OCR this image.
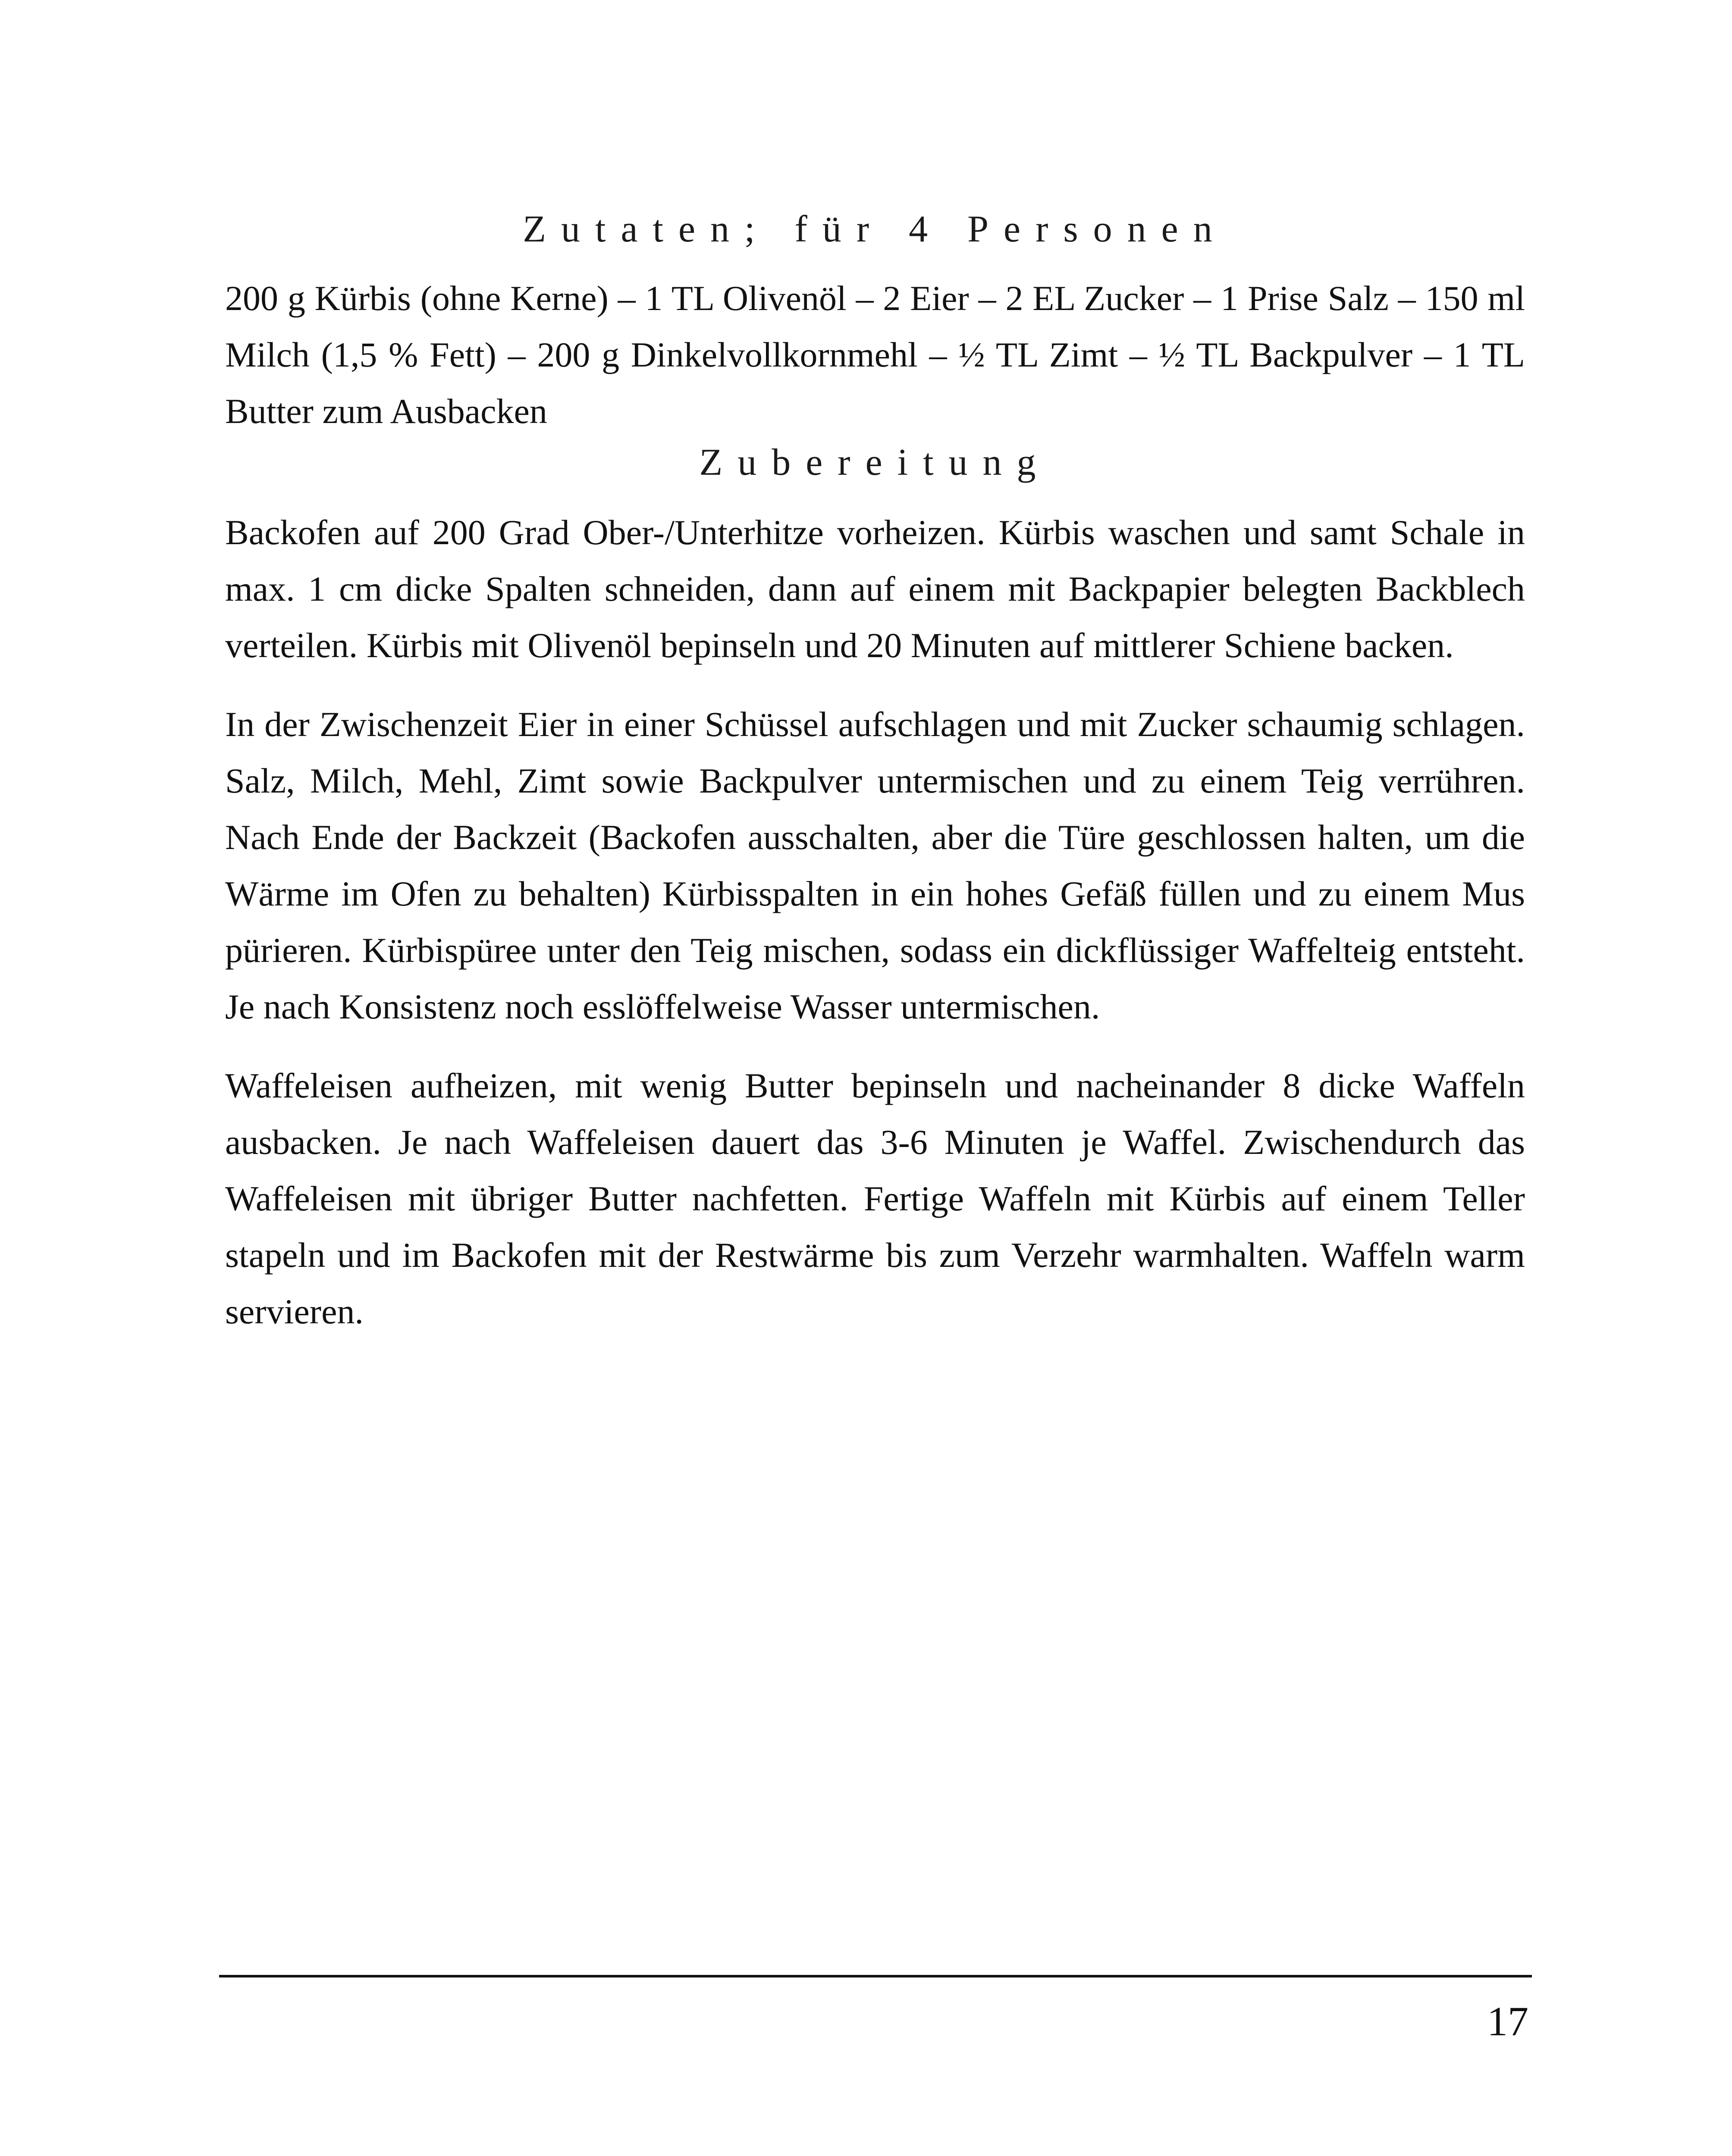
Zutaten; für 4 Personen

200 g Kürbis (ohne Kerne) – 1 TL Olivenöl – 2 Eier – 2 EL Zucker – 1 Prise Salz – 150 ml Milch (1,5 % Fett) – 200 g Dinkelvollkornmehl – ½ TL Zimt – ½ TL Backpulver – 1 TL Butter zum Ausbacken

Zubereitung

Backofen auf 200 Grad Ober-/Unterhitze vorheizen. Kürbis waschen und samt Schale in max. 1 cm dicke Spalten schneiden, dann auf einem mit Backpapier belegten Backblech verteilen. Kürbis mit Olivenöl bepinseln und 20 Minuten auf mittlerer Schiene backen.

In der Zwischenzeit Eier in einer Schüssel aufschlagen und mit Zucker schaumig schlagen. Salz, Milch, Mehl, Zimt sowie Backpulver untermischen und zu einem Teig verrühren. Nach Ende der Backzeit (Backofen ausschalten, aber die Türe geschlossen halten, um die Wärme im Ofen zu behalten) Kürbisspalten in ein hohes Gefäß füllen und zu einem Mus pürieren. Kürbispüree unter den Teig mischen, sodass ein dickflüssiger Waffelteig entsteht. Je nach Konsistenz noch esslöffelweise Wasser untermischen.

Waffeleisen aufheizen, mit wenig Butter bepinseln und nacheinander 8 dicke Waffeln ausbacken. Je nach Waffeleisen dauert das 3-6 Minuten je Waffel. Zwischendurch das Waffeleisen mit übriger Butter nachfetten. Fertige Waffeln mit Kürbis auf einem Teller stapeln und im Backofen mit der Restwärme bis zum Verzehr warmhalten. Waffeln warm servieren.

17
